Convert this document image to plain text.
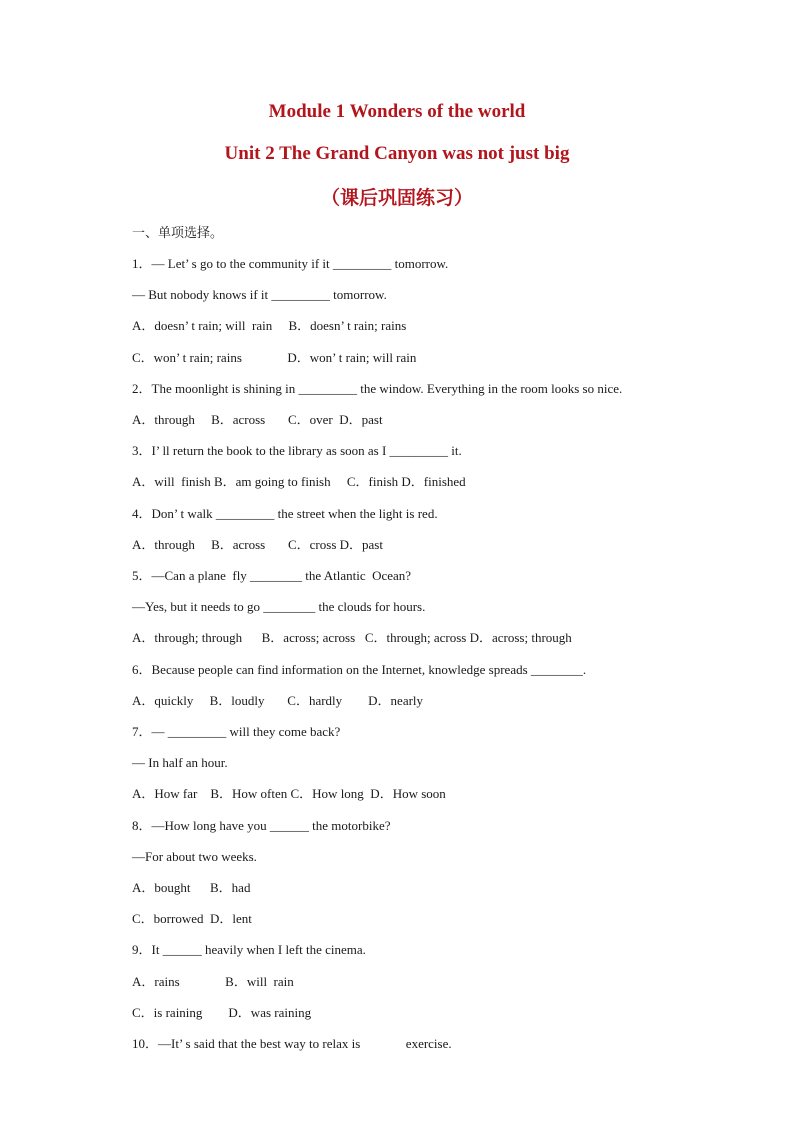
Module 1 Wonders of the world
Unit 2 The Grand Canyon was not just big
（课后巩固练习）
一、单项选择。
1．— Let’ s go to the community if it _________ tomorrow.
— But nobody knows if it _________ tomorrow.
A．doesn’ t rain; will  rain     B．doesn’ t rain; rains
C．won’ t rain; rains              D．won’ t rain; will rain
2．The moonlight is shining in _________ the window. Everything in the room looks so nice.
A．through     B．across       C．over  D．past
3．I’ ll return the book to the library as soon as I _________ it.
A．will  finish B．am going to finish     C．finish D．finished
4．Don’ t walk _________ the street when the light is red.
A．through     B．across       C．cross D．past
5．—Can a plane  fly ________ the Atlantic  Ocean?
—Yes, but it needs to go ________ the clouds for hours.
A．through; through      B．across; across   C．through; across D．across; through
6．Because people can find information on the Internet, knowledge spreads ________.
A．quickly     B．loudly       C．hardly        D．nearly
7．— _________ will they come back?
— In half an hour.
A．How far    B．How often C．How long  D．How soon
8．—How long have you ______ the motorbike?
—For about two weeks.
A．bought      B．had
C．borrowed  D．lent
9．It ______ heavily when I left the cinema.
A．rains              B．will  rain
C．is raining        D．was raining
10．—It’ s said that the best way to relax is              exercise.
